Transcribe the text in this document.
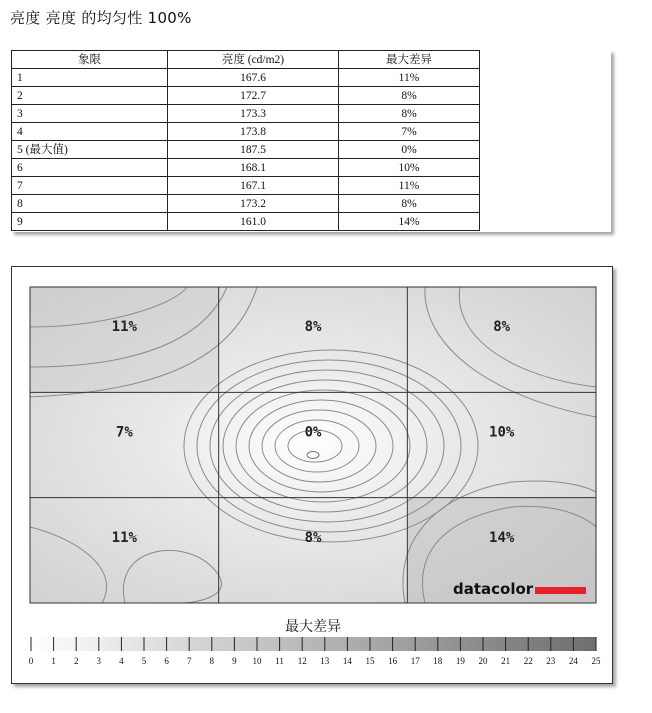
亮度 亮度 的均匀性 100%
象限	亮度 (cd/m2)	最大差异
1	167.6	11%
2	172.7	8%
3	173.3	8%
4	173.8	7%
5 (最大值)	187.5	0%
6	168.1	10%
7	167.1	11%
8	173.2	8%
9	161.0	14%
11%	8%	8%
7%	0%	10%
11%	8%	14%
datacolor
最大差异
0 1 2 3 4 5 6 7 8 9 10 11 12 13 14 15 16 17 18 19 20 21 22 23 24 25
